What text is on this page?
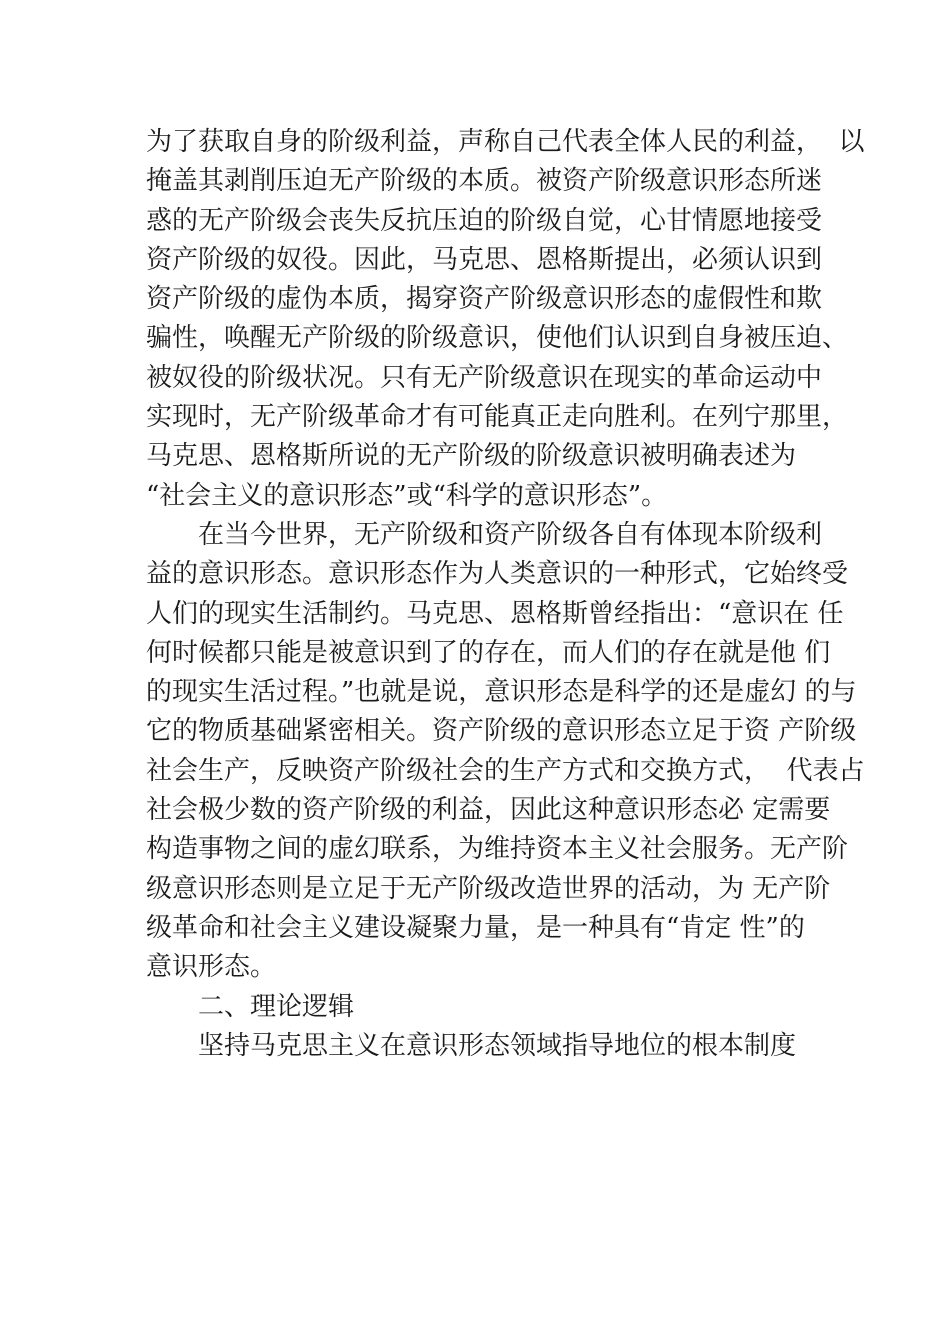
为了获取自身的阶级利益，声称自己代表全体人民的利益，  以
掩盖其剥削压迫无产阶级的本质。被资产阶级意识形态所迷
惑的无产阶级会丧失反抗压迫的阶级自觉，心甘情愿地接受
资产阶级的奴役。因此，马克思、恩格斯提出，必须认识到
资产阶级的虚伪本质，揭穿资产阶级意识形态的虚假性和欺
骗性，唤醒无产阶级的阶级意识，使他们认识到自身被压迫、
被奴役的阶级状况。只有无产阶级意识在现实的革命运动中
实现时，无产阶级革命才有可能真正走向胜利。在列宁那里，
马克思、恩格斯所说的无产阶级的阶级意识被明确表述为
“社会主义的意识形态”或“科学的意识形态”。
在当今世界，无产阶级和资产阶级各自有体现本阶级利
益的意识形态。意识形态作为人类意识的一种形式，它始终受
人们的现实生活制约。马克思、恩格斯曾经指出：“意识在 任
何时候都只能是被意识到了的存在，而人们的存在就是他 们
的现实生活过程。”也就是说，意识形态是科学的还是虚幻 的与
它的物质基础紧密相关。资产阶级的意识形态立足于资 产阶级
社会生产，反映资产阶级社会的生产方式和交换方式，  代表占
社会极少数的资产阶级的利益，因此这种意识形态必 定需要
构造事物之间的虚幻联系，为维持资本主义社会服务。无产阶
级意识形态则是立足于无产阶级改造世界的活动，为 无产阶
级革命和社会主义建设凝聚力量，是一种具有“肯定 性”的
意识形态。
二、理论逻辑
坚持马克思主义在意识形态领域指导地位的根本制度
